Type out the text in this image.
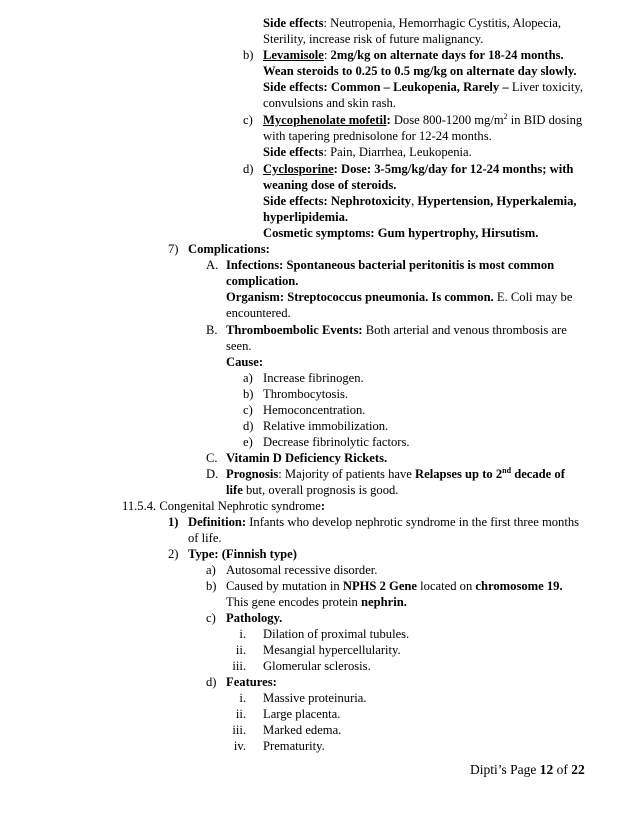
Side effects: Neutropenia, Hemorrhagic Cystitis, Alopecia,
Sterility, increase risk of future malignancy.
b) Levamisole: 2mg/kg on alternate days for 18-24 months.
Wean steroids to 0.25 to 0.5 mg/kg on alternate day slowly.
Side effects: Common – Leukopenia, Rarely – Liver toxicity,
convulsions and skin rash.
c) Mycophenolate mofetil: Dose 800-1200 $mg/m^2$ in BID dosing
with tapering prednisolone for 12-24 months.
Side effects: Pain, Diarrhea, Leukopenia.
d) Cyclosporine: Dose: 3-5mg/kg/day for 12-24 months; with
weaning dose of steroids.
Side effects: Nephrotoxicity, Hypertension, Hyperkalemia,
hyperlipidemia.
Cosmetic symptoms: Gum hypertrophy, Hirsutism.
7) Complications:
A. Infections: Spontaneous bacterial peritonitis is most common
complication.
Organism: Streptococcus pneumonia. Is common. E. Coli may be
encountered.
B. Thromboembolic Events: Both arterial and venous thrombosis are
seen.
Cause:
a) Increase fibrinogen.
b) Thrombocytosis.
c) Hemoconcentration.
d) Relative immobilization.
e) Decrease fibrinolytic factors.
C. Vitamin D Deficiency Rickets.
D. Prognosis: Majority of patients have Relapses up to 2nd decade of
life but, overall prognosis is good.
11.5.4. Congenital Nephrotic syndrome:
1) Definition: Infants who develop nephrotic syndrome in the first three months
of life.
2) Type: (Finnish type)
a) Autosomal recessive disorder.
b) Caused by mutation in NPHS 2 Gene located on chromosome 19.
This gene encodes protein nephrin.
c) Pathology.
i. Dilation of proximal tubules.
ii. Mesangial hypercellularity.
iii. Glomerular sclerosis.
d) Features:
i. Massive proteinuria.
ii. Large placenta.
iii. Marked edema.
iv. Prematurity.
Dipti’s Page 12 of 22
